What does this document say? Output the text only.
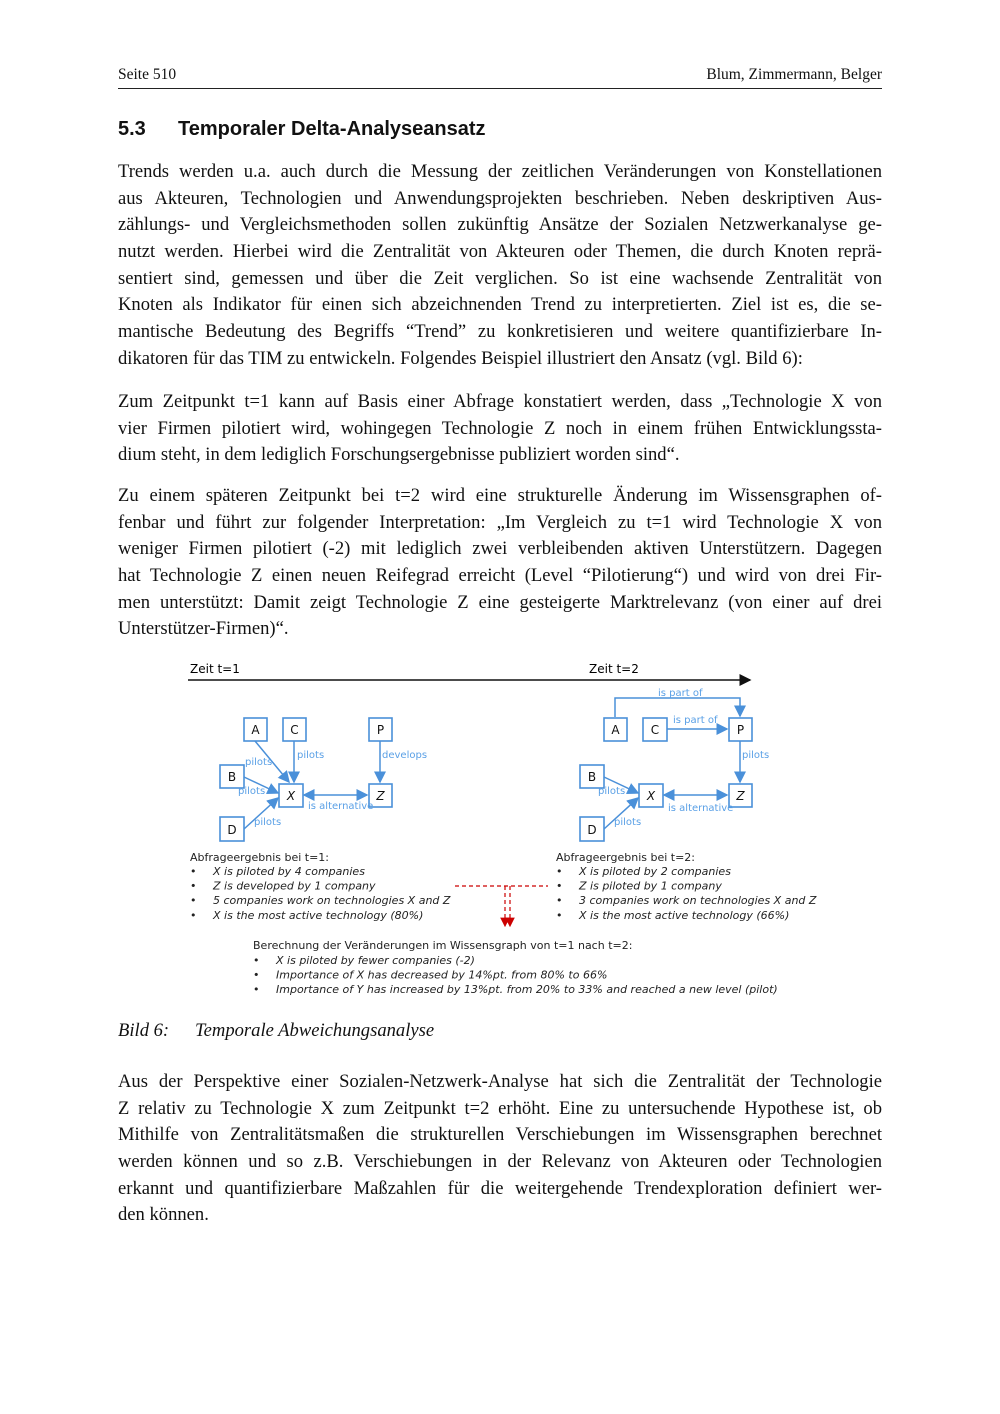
Seite 510	Blum, Zimmermann, Belger
5.3 Temporaler Delta-Analyseansatz
Trends werden u.a. auch durch die Messung der zeitlichen Veränderungen von Konstellationen
aus Akteuren, Technologien und Anwendungsprojekten beschrieben. Neben deskriptiven Aus-
zählungs- und Vergleichsmethoden sollen zukünftig Ansätze der Sozialen Netzwerkanalyse ge-
nutzt werden. Hierbei wird die Zentralität von Akteuren oder Themen, die durch Knoten reprä-
sentiert sind, gemessen und über die Zeit verglichen. So ist eine wachsende Zentralität von
Knoten als Indikator für einen sich abzeichnenden Trend zu interpretierten. Ziel ist es, die se-
mantische Bedeutung des Begriffs “Trend” zu konkretisieren und weitere quantifizierbare In-
dikatoren für das TIM zu entwickeln. Folgendes Beispiel illustriert den Ansatz (vgl. Bild 6):
Zum Zeitpunkt t=1 kann auf Basis einer Abfrage konstatiert werden, dass „Technologie X von
vier Firmen pilotiert wird, wohingegen Technologie Z noch in einem frühen Entwicklungssta-
dium steht, in dem lediglich Forschungsergebnisse publiziert worden sind“.
Zu einem späteren Zeitpunkt bei t=2 wird eine strukturelle Änderung im Wissensgraphen of-
fenbar und führt zur folgender Interpretation: „Im Vergleich zu t=1 wird Technologie X von
weniger Firmen pilotiert (-2) mit lediglich zwei verbleibenden aktiven Unterstützern. Dagegen
hat Technologie Z einen neuen Reifegrad erreicht (Level “Pilotierung“) und wird von drei Fir-
men unterstützt: Damit zeigt Technologie Z eine gesteigerte Marktrelevanz (von einer auf drei
Unterstützer-Firmen)“.
Zeit t=1	Zeit t=2
A	C	P
B
X	Z
D
pilots
pilots	develops
pilots
pilots
is alternative
A	C	P
B
X	Z
D
is part of
is part of
pilots
pilots
pilots
is alternative
Abfrageergebnis bei t=1:
• X is piloted by 4 companies
• Z is developed by 1 company
• 5 companies work on technologies X and Z
• X is the most active technology (80%)
Abfrageergebnis bei t=2:
• X is piloted by 2 companies
• Z is piloted by 1 company
• 3 companies work on technologies X and Z
• X is the most active technology (66%)
Berechnung der Veränderungen im Wissensgraph von t=1 nach t=2:
• X is piloted by fewer companies (-2)
• Importance of X has decreased by 14%pt. from 80% to 66%
• Importance of Y has increased by 13%pt. from 20% to 33% and reached a new level (pilot)
Bild 6: Temporale Abweichungsanalyse
Aus der Perspektive einer Sozialen-Netzwerk-Analyse hat sich die Zentralität der Technologie
Z relativ zu Technologie X zum Zeitpunkt t=2 erhöht. Eine zu untersuchende Hypothese ist, ob
Mithilfe von Zentralitätsmaßen die strukturellen Verschiebungen im Wissensgraphen berechnet
werden können und so z.B. Verschiebungen in der Relevanz von Akteuren oder Technologien
erkannt und quantifizierbare Maßzahlen für die weitergehende Trendexploration definiert wer-
den können.
